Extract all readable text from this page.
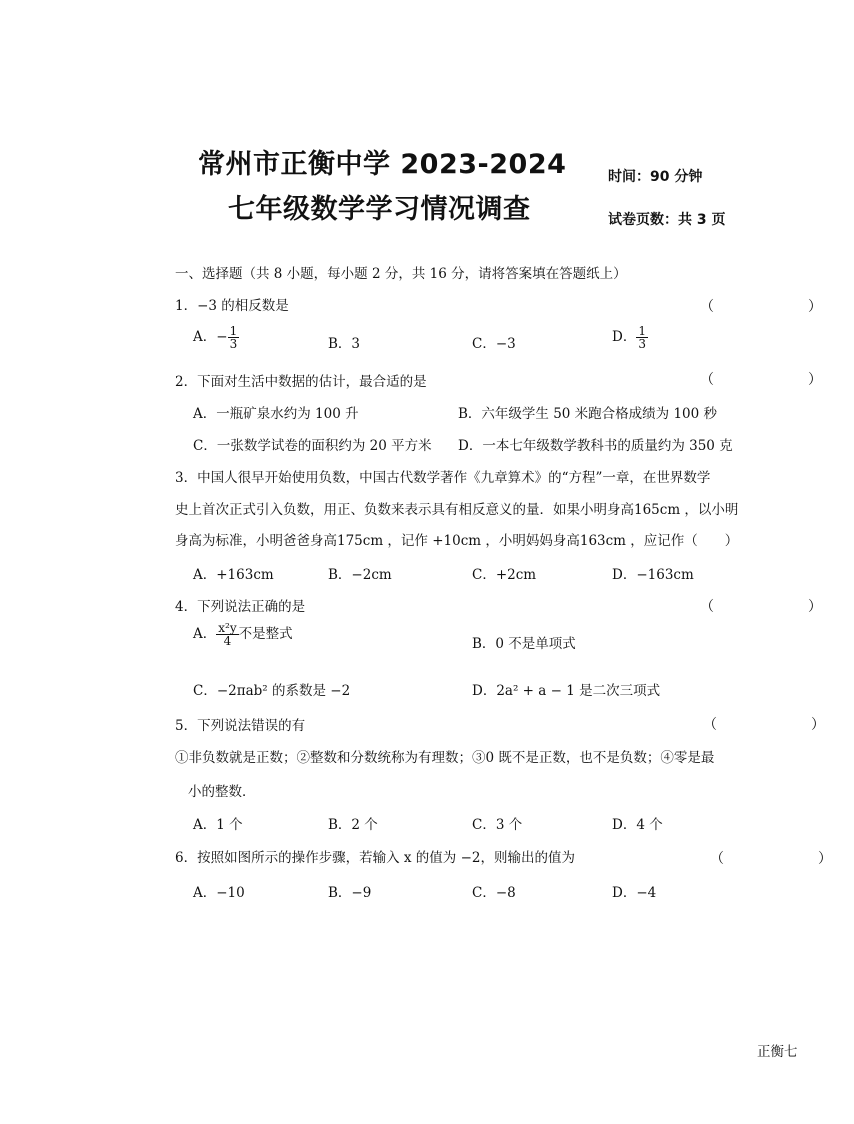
常州市正衡中学 2023-2024
七年级数学学习情况调查
时间：90 分钟
试卷页数：共 3 页
一、选择题（共 8 小题，每小题 2 分，共 16 分，请将答案填在答题纸上）
1．−3 的相反数是	（　　）
A．− $\frac{1}{3}$	B．3	C．−3	D． $\frac{1}{3}$
2．下面对生活中数据的估计，最合适的是	（　　）
A．一瓶矿泉水约为 100 升	B．六年级学生 50 米跑合格成绩为 100 秒
C．一张数学试卷的面积约为 20 平方米 D．一本七年级数学教科书的质量约为 350 克
3．中国人很早开始使用负数，中国古代数学著作《九章算术》的“方程”一章，在世界数学
史上首次正式引入负数，用正、负数来表示具有相反意义的量．如果小明身高165cm ，以小明
身高为标准，小明爸爸身高175cm ，记作 +10cm ，小明妈妈身高163cm ，应记作（　　）
A．+163cm	B．−2cm	C．+2cm	D．−163cm
4．下列说法正确的是	（　　）
A． $\frac{\text{x²y}}{4}$ 不是整式
B．0 不是单项式
C．−2πab² 的系数是 −2	D．2a² + a − 1 是二次三项式
5．下列说法错误的有	（　　）
①非负数就是正数；②整数和分数统称为有理数；③0 既不是正数，也不是负数；④零是最
小的整数．
A．1 个	B．2 个	C．3 个	D．4 个
6．按照如图所示的操作步骤，若输入 x 的值为 −2，则输出的值为	（　　）
A．−10	B．−9	C．−8	D．−4
正衡七
